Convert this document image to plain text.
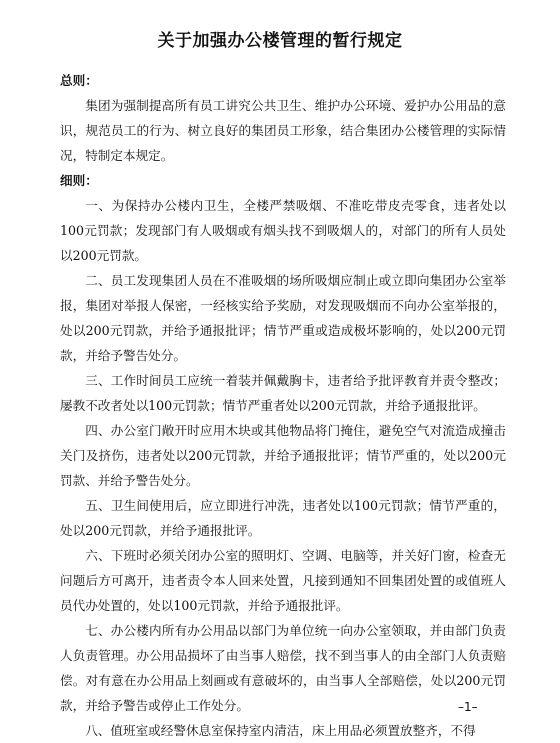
关于加强办公楼管理的暂行规定

总则：

集团为强制提高所有员工讲究公共卫生、维护办公环境、爱护办公用品的意识，规范员工的行为、树立良好的集团员工形象，结合集团办公楼管理的实际情况，特制定本规定。

细则：

一、为保持办公楼内卫生，全楼严禁吸烟、不准吃带皮壳零食，违者处以100元罚款；发现部门有人吸烟或有烟头找不到吸烟人的，对部门的所有人员处以200元罚款。

二、员工发现集团人员在不准吸烟的场所吸烟应制止或立即向集团办公室举报，集团对举报人保密，一经核实给予奖励，对发现吸烟而不向办公室举报的，处以200元罚款，并给予通报批评；情节严重或造成极坏影响的，处以200元罚款，并给予警告处分。

三、工作时间员工应统一着装并佩戴胸卡，违者给予批评教育并责令整改；屡教不改者处以100元罚款；情节严重者处以200元罚款，并给予通报批评。

四、办公室门敞开时应用木块或其他物品将门掩住，避免空气对流造成撞击关门及挤伤，违者处以200元罚款，并给予通报批评；情节严重的，处以200元罚款、并给予警告处分。

五、卫生间使用后，应立即进行冲洗，违者处以100元罚款；情节严重的，处以200元罚款，并给予通报批评。

六、下班时必须关闭办公室的照明灯、空调、电脑等，并关好门窗，检查无问题后方可离开，违者责令本人回来处置，凡接到通知不回集团处置的或值班人员代办处置的，处以100元罚款，并给予通报批评。

七、办公楼内所有办公用品以部门为单位统一向办公室领取，并由部门负责人负责管理。办公用品损坏了由当事人赔偿，找不到当事人的由全部门人负责赔偿。对有意在办公用品上刻画或有意破坏的，由当事人全部赔偿，处以200元罚款，并给予警告或停止工作处分。

八、值班室或经警休息室保持室内清洁，床上用品必须置放整齐，不得

–1–
